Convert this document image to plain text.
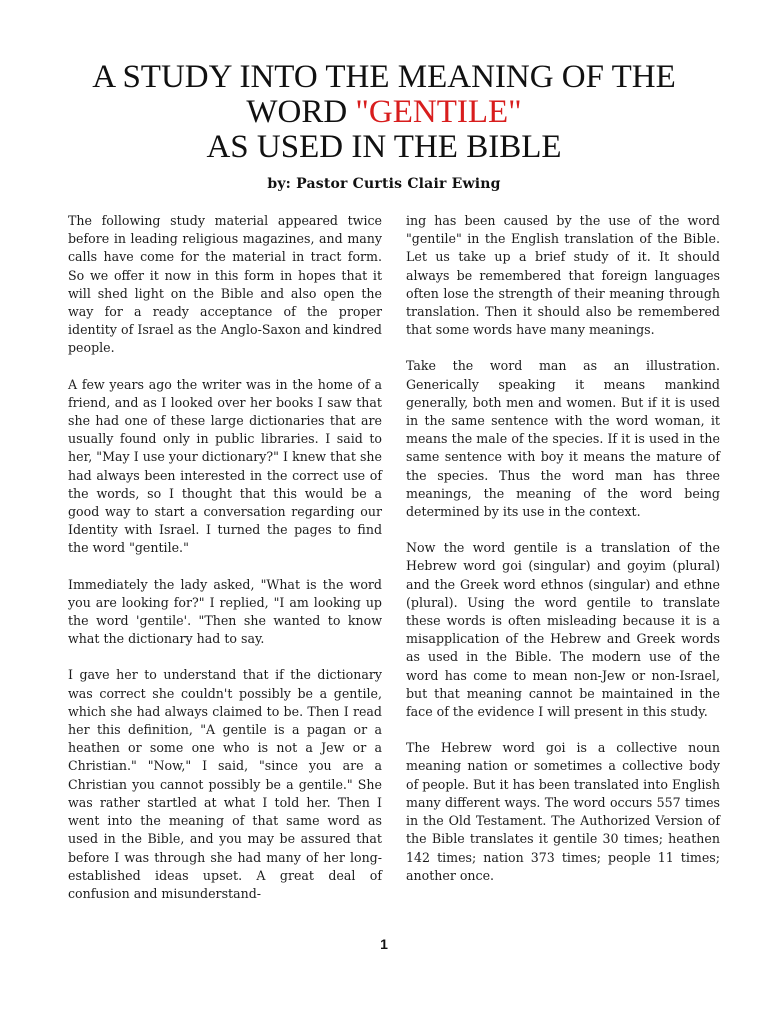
A STUDY INTO THE MEANING OF THE
WORD "GENTILE"
AS USED IN THE BIBLE
by: Pastor Curtis Clair Ewing

The following study material appeared twice before in leading religious magazines, and many calls have come for the material in tract form. So we offer it now in this form in hopes that it will shed light on the Bible and also open the way for a ready acceptance of the proper identity of Israel as the Anglo-Saxon and kindred people.

A few years ago the writer was in the home of a friend, and as I looked over her books I saw that she had one of these large dictionaries that are usually found only in public libraries. I said to her, "May I use your dictionary?" I knew that she had always been interested in the correct use of the words, so I thought that this would be a good way to start a conversation regarding our Identity with Israel. I turned the pages to find the word "gentile."

Immediately the lady asked, "What is the word you are looking for?" I replied, "I am looking up the word 'gentile'. "Then she wanted to know what the dictionary had to say.

I gave her to understand that if the dictionary was correct she couldn't possibly be a gentile, which she had always claimed to be. Then I read her this definition, "A gentile is a pagan or a heathen or some one who is not a Jew or a Christian." "Now," I said, "since you are a Christian you cannot possibly be a gentile." She was rather startled at what I told her. Then I went into the meaning of that same word as used in the Bible, and you may be assured that before I was through she had many of her long-established ideas upset. A great deal of confusion and misunderstand-

ing has been caused by the use of the word "gentile" in the English translation of the Bible. Let us take up a brief study of it. It should always be remembered that foreign languages often lose the strength of their meaning through translation. Then it should also be remembered that some words have many meanings.

Take the word man as an illustration. Generically speaking it means mankind generally, both men and women. But if it is used in the same sentence with the word woman, it means the male of the species. If it is used in the same sentence with boy it means the mature of the species. Thus the word man has three meanings, the meaning of the word being determined by its use in the context.

Now the word gentile is a translation of the Hebrew word goi (singular) and goyim (plural) and the Greek word ethnos (singular) and ethne (plural). Using the word gentile to translate these words is often misleading because it is a misapplication of the Hebrew and Greek words as used in the Bible. The modern use of the word has come to mean non-Jew or non-Israel, but that meaning cannot be maintained in the face of the evidence I will present in this study.

The Hebrew word goi is a collective noun meaning nation or sometimes a collective body of people. But it has been translated into English many different ways. The word occurs 557 times in the Old Testament. The Authorized Version of the Bible translates it gentile 30 times; heathen 142 times; nation 373 times; people 11 times; another once.

1
